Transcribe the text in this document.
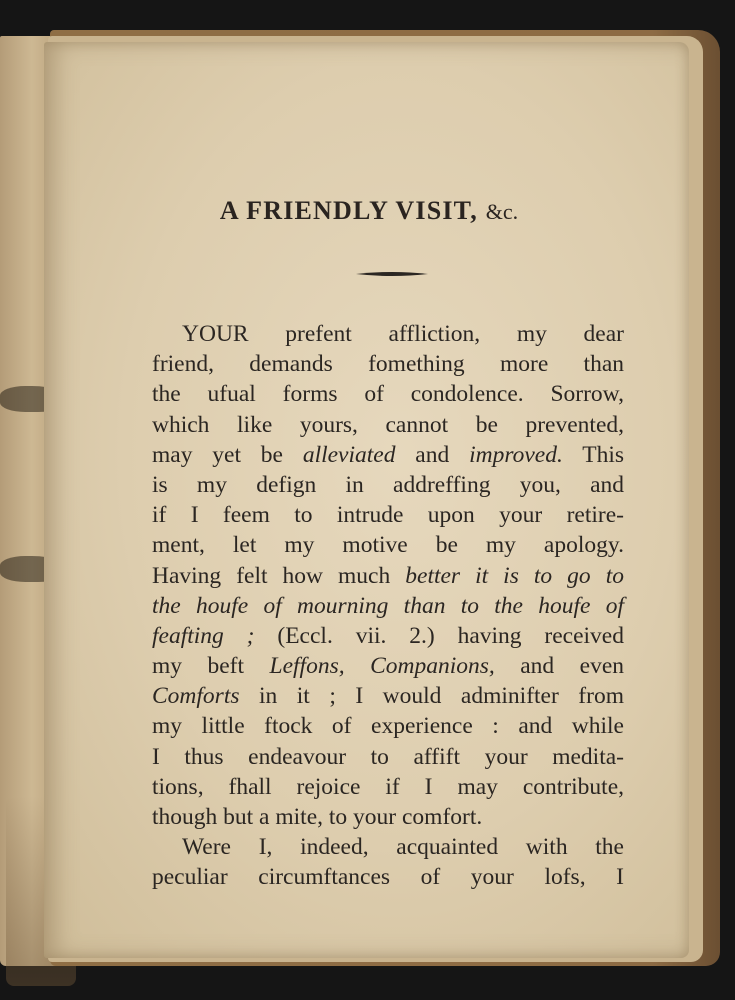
A FRIENDLY VISIT, &c.
YOUR prefent affliction, my dear
friend, demands fomething more than
the ufual forms of condolence. Sorrow,
which like yours, cannot be prevented,
may yet be alleviated and improved. This
is my defign in addreffing you, and
if I feem to intrude upon your retire-
ment, let my motive be my apology.
Having felt how much better it is to go to
the houfe of mourning than to the houfe of
feafting ; (Eccl. vii. 2.) having received
my beft Leffons, Companions, and even
Comforts in it ; I would adminifter from
my little ftock of experience : and while
I thus endeavour to affift your medita-
tions, fhall rejoice if I may contribute,
though but a mite, to your comfort.
Were I, indeed, acquainted with the
peculiar circumftances of your lofs, I
